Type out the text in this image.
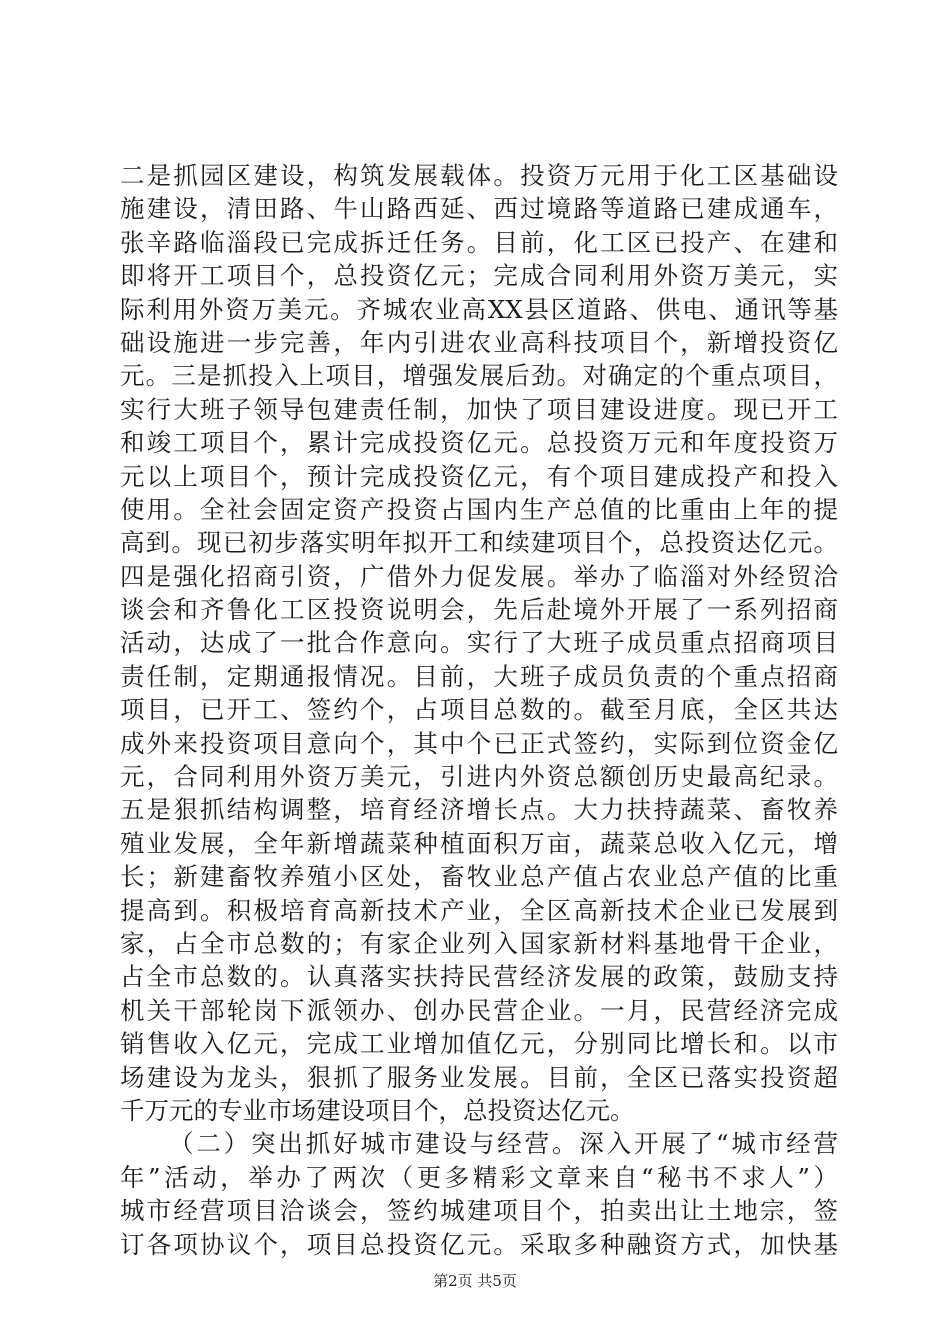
二是抓园区建设，构筑发展载体。投资万元用于化工区基础设
施建设，清田路、牛山路西延、西过境路等道路已建成通车，
张辛路临淄段已完成拆迁任务。目前，化工区已投产、在建和
即将开工项目个，总投资亿元；完成合同利用外资万美元，实
际利用外资万美元。齐城农业高XX县区道路、供电、通讯等基
础设施进一步完善，年内引进农业高科技项目个，新增投资亿
元。三是抓投入上项目，增强发展后劲。对确定的个重点项目，
实行大班子领导包建责任制，加快了项目建设进度。现已开工
和竣工项目个，累计完成投资亿元。总投资万元和年度投资万
元以上项目个，预计完成投资亿元，有个项目建成投产和投入
使用。全社会固定资产投资占国内生产总值的比重由上年的提
高到。现已初步落实明年拟开工和续建项目个，总投资达亿元。
四是强化招商引资，广借外力促发展。举办了临淄对外经贸洽
谈会和齐鲁化工区投资说明会，先后赴境外开展了一系列招商
活动，达成了一批合作意向。实行了大班子成员重点招商项目
责任制，定期通报情况。目前，大班子成员负责的个重点招商
项目，已开工、签约个，占项目总数的。截至月底，全区共达
成外来投资项目意向个，其中个已正式签约，实际到位资金亿
元，合同利用外资万美元，引进内外资总额创历史最高纪录。
五是狠抓结构调整，培育经济增长点。大力扶持蔬菜、畜牧养
殖业发展，全年新增蔬菜种植面积万亩，蔬菜总收入亿元，增
长；新建畜牧养殖小区处，畜牧业总产值占农业总产值的比重
提高到。积极培育高新技术产业，全区高新技术企业已发展到
家，占全市总数的；有家企业列入国家新材料基地骨干企业，
占全市总数的。认真落实扶持民营经济发展的政策，鼓励支持
机关干部轮岗下派领办、创办民营企业。一月，民营经济完成
销售收入亿元，完成工业增加值亿元，分别同比增长和。以市
场建设为龙头，狠抓了服务业发展。目前，全区已落实投资超
千万元的专业市场建设项目个，总投资达亿元。
（二）突出抓好城市建设与经营。深入开展了“城市经营
年”活动，举办了两次（更多精彩文章来自“秘书不求人”）
城市经营项目洽谈会，签约城建项目个，拍卖出让土地宗，签
订各项协议个，项目总投资亿元。采取多种融资方式，加快基
第2页 共5页
